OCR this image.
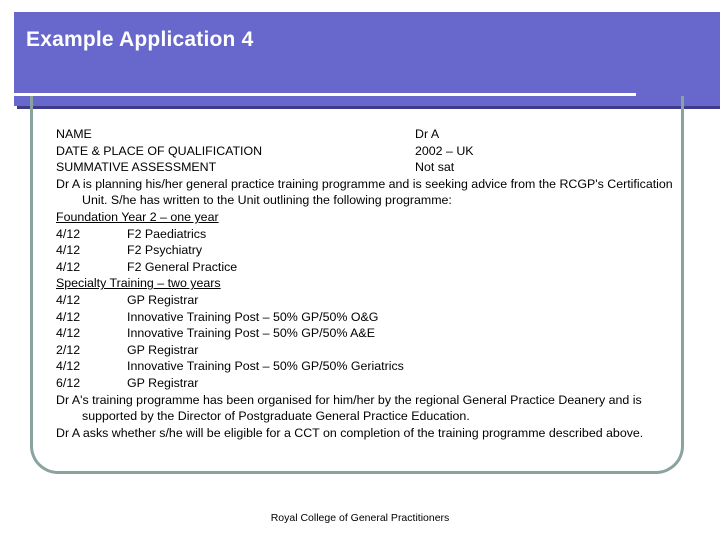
Example Application 4
NAME	Dr A
DATE & PLACE OF QUALIFICATION	2002 – UK
SUMMATIVE ASSESSMENT	Not sat
Dr A is planning his/her general practice training programme and is seeking advice from the RCGP's Certification Unit. S/he has written to the Unit outlining the following programme:
Foundation Year 2 – one year
4/12	F2 Paediatrics
4/12	F2 Psychiatry
4/12	F2 General Practice
Specialty Training – two years
4/12	GP Registrar
4/12	Innovative Training Post – 50% GP/50% O&G
4/12	Innovative Training Post – 50% GP/50% A&E
2/12	GP Registrar
4/12	Innovative Training Post – 50% GP/50% Geriatrics
6/12	GP Registrar
Dr A's training programme has been organised for him/her by the regional General Practice Deanery and is supported by the Director of Postgraduate General Practice Education.
Dr A asks whether s/he will be eligible for a CCT on completion of the training programme described above.
Royal College of General Practitioners
